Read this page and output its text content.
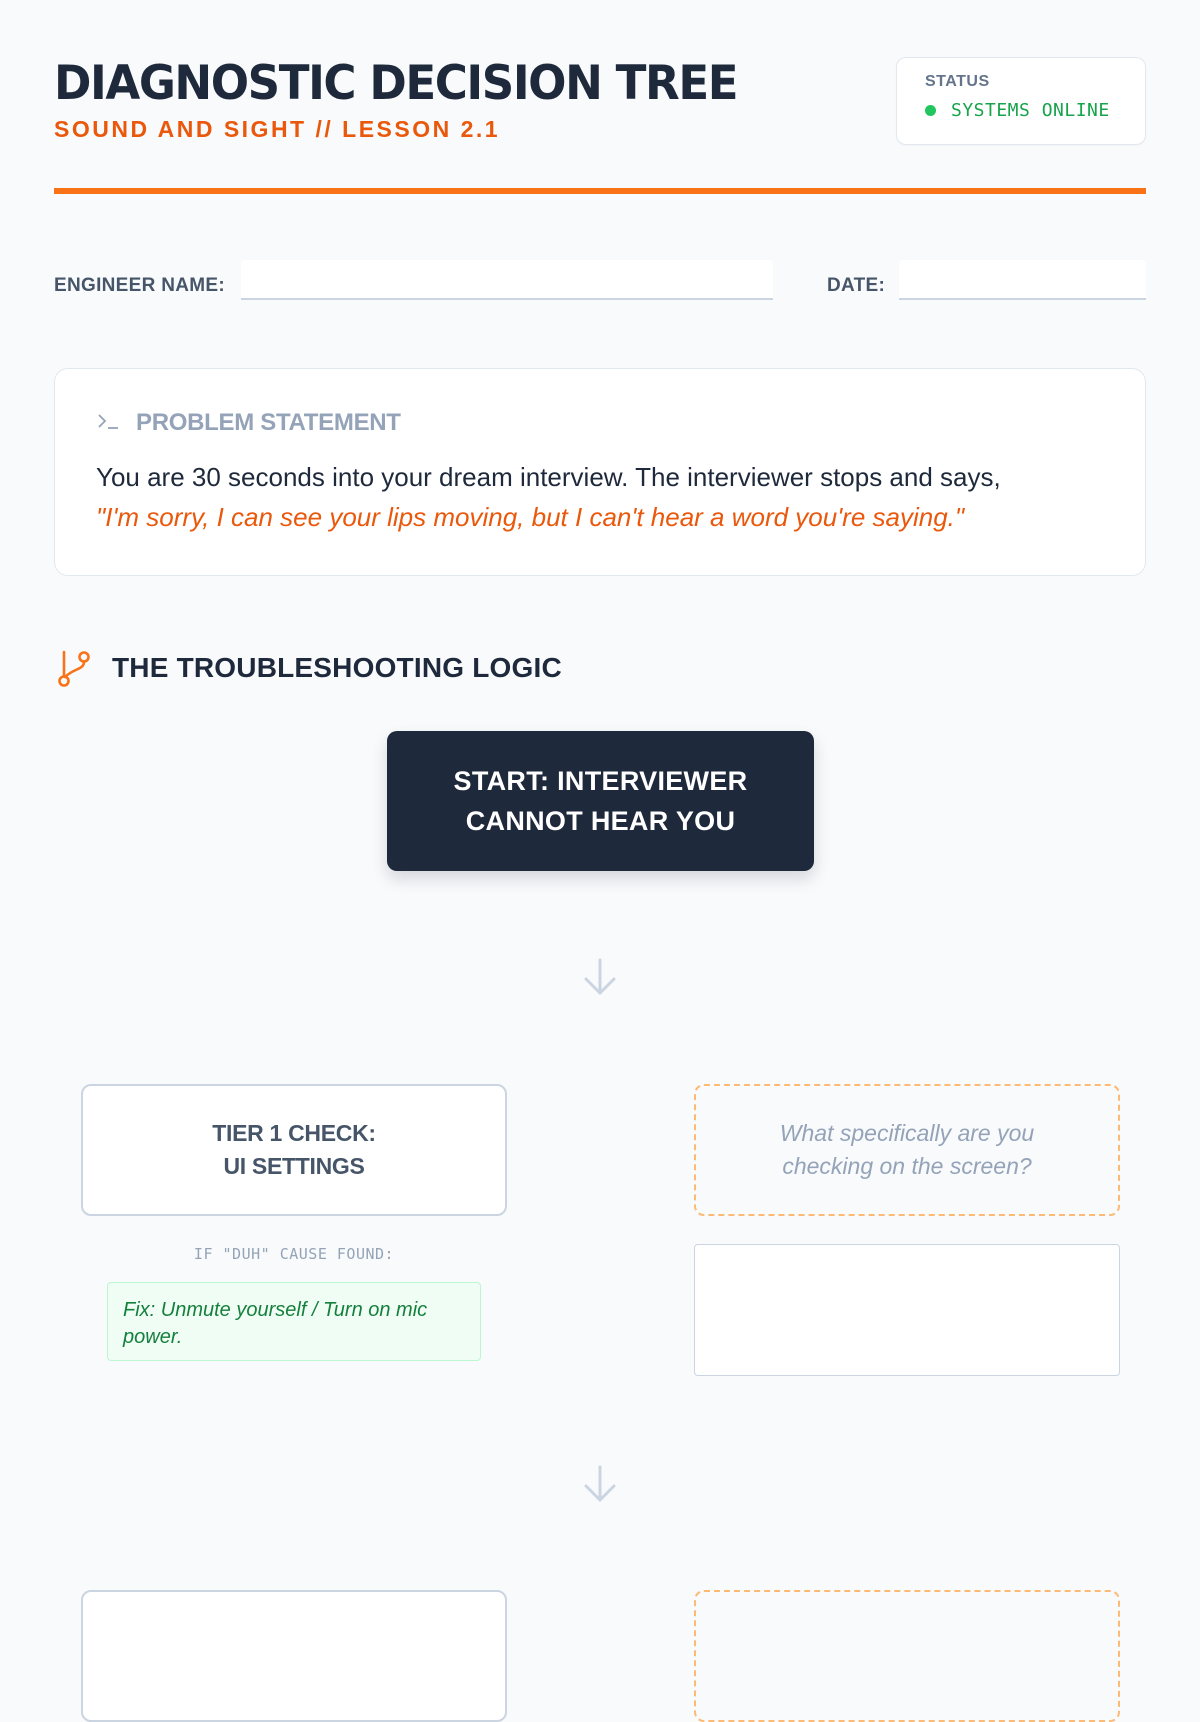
DIAGNOSTIC DECISION TREE
SOUND AND SIGHT // LESSON 2.1
STATUS
SYSTEMS ONLINE
ENGINEER NAME:	DATE:
PROBLEM STATEMENT
You are 30 seconds into your dream interview. The interviewer stops and says,
"I'm sorry, I can see your lips moving, but I can't hear a word you're saying."
THE TROUBLESHOOTING LOGIC
START: INTERVIEWER CANNOT HEAR YOU
TIER 1 CHECK:
UI SETTINGS
What specifically are you checking on the screen?
IF "DUH" CAUSE FOUND:
Fix: Unmute yourself / Turn on mic power.
